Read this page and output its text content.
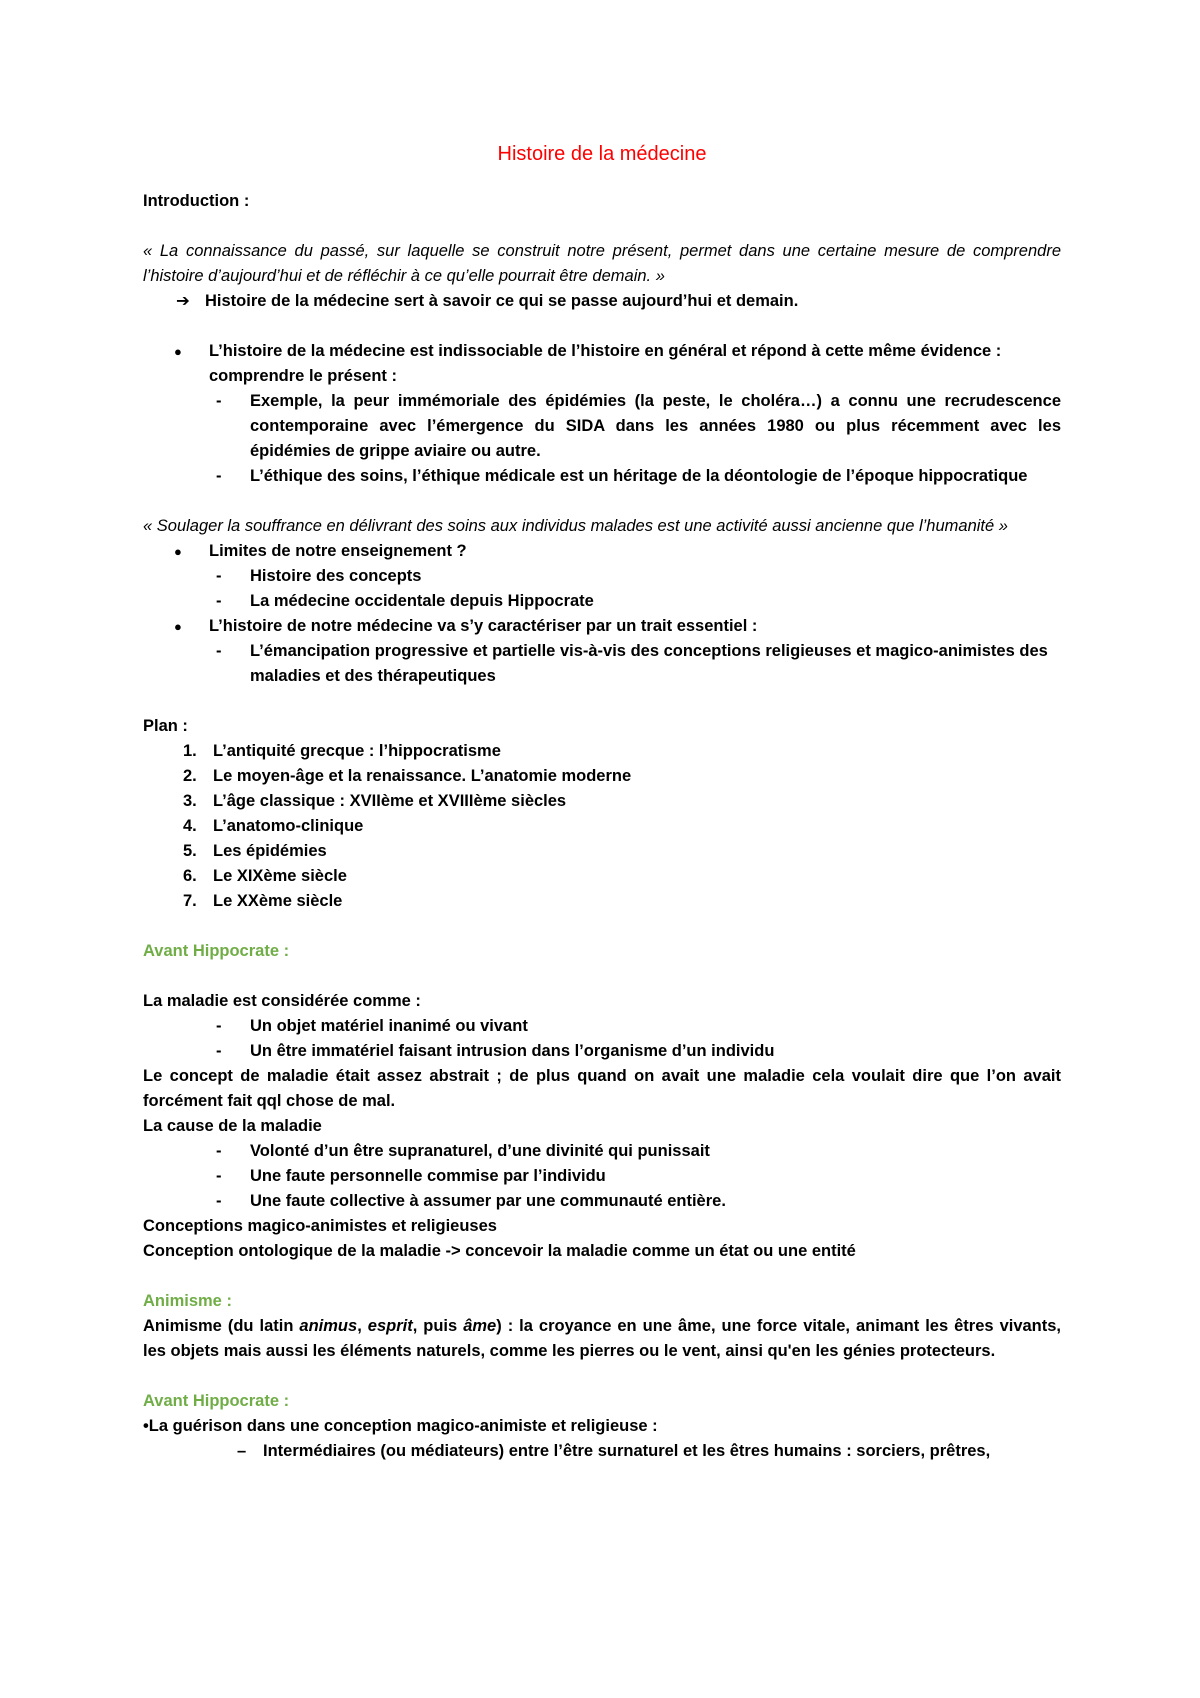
Histoire de la médecine

Introduction :

« La connaissance du passé, sur laquelle se construit notre présent, permet dans une certaine mesure de comprendre l’histoire d’aujourd’hui et de réfléchir à ce qu’elle pourrait être demain. »

➔ Histoire de la médecine sert à savoir ce qui se passe aujourd’hui et demain.
●	L’histoire de la médecine est indissociable de l’histoire en général et répond à cette même évidence : comprendre le présent :
-	Exemple, la peur immémoriale des épidémies (la peste, le choléra…) a connu une recrudescence contemporaine avec l’émergence du SIDA dans les années 1980 ou plus récemment avec les épidémies de grippe aviaire ou autre.
-	L’éthique des soins, l’éthique médicale est un héritage de la déontologie de l’époque hippocratique

« Soulager la souffrance en délivrant des soins aux individus malades est une activité aussi ancienne que l’humanité »

●	Limites de notre enseignement ?
-	Histoire des concepts
-	La médecine occidentale depuis Hippocrate
●	L’histoire de notre médecine va s’y caractériser par un trait essentiel :
-	L’émancipation progressive et partielle vis-à-vis des conceptions religieuses et magico-animistes des maladies et des thérapeutiques

Plan :

1. L’antiquité grecque : l’hippocratisme
2. Le moyen-âge et la renaissance. L’anatomie moderne
3. L’âge classique : XVIIème et XVIIIème siècles
4. L’anatomo-clinique
5. Les épidémies
6. Le XIXème siècle
7. Le XXème siècle

Avant Hippocrate :

La maladie est considérée comme :

-	Un objet matériel inanimé ou vivant
-	Un être immatériel faisant intrusion dans l’organisme d’un individu

Le concept de maladie était assez abstrait ; de plus quand on avait une maladie cela voulait dire que l’on avait forcément fait qql chose de mal.

La cause de la maladie

-	Volonté d’un être supranaturel, d’une divinité qui punissait
-	Une faute personnelle commise par l’individu
-	Une faute collective à assumer par une communauté entière.

Conceptions magico-animistes et religieuses

Conception ontologique de la maladie -> concevoir la maladie comme un état ou une entité

Animisme :

Animisme (du latin animus, esprit, puis âme) : la croyance en une âme, une force vitale, animant les êtres vivants, les objets mais aussi les éléments naturels, comme les pierres ou le vent, ainsi qu'en les génies protecteurs.

Avant Hippocrate :

•La guérison dans une conception magico-animiste et religieuse :

–	Intermédiaires (ou médiateurs) entre l’être surnaturel et les êtres humains : sorciers, prêtres,
